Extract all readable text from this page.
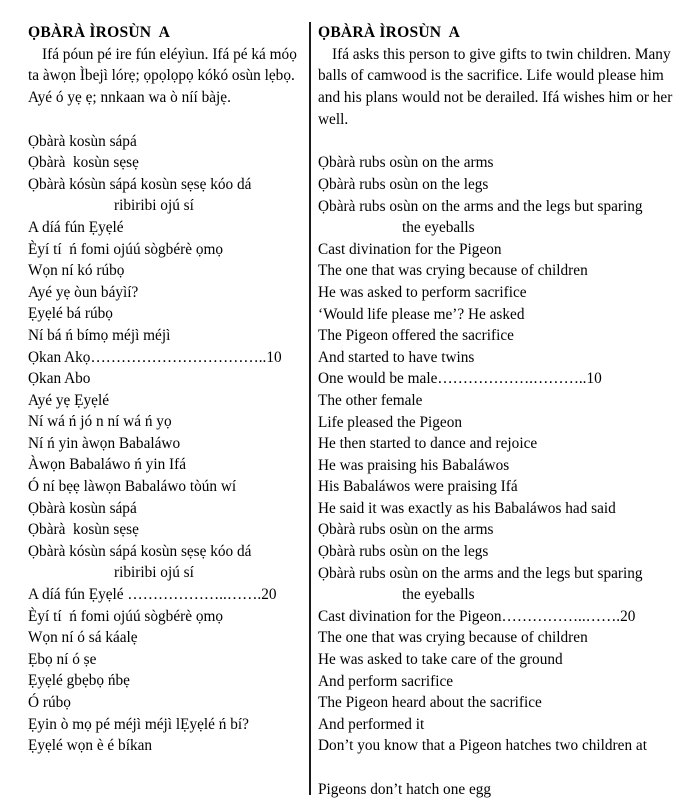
ỌBÀRÀ ÌROSÙN  A

Ifá póun pé ire fún eléyìun. Ifá pé ká móọ ta àwọn Ìbejì lórẹ; ọpọlọpọ kókó osùn lẹbọ. Ayé ó yẹ ẹ; nnkaan wa ò níí bàjẹ.

Ọbàrà kosùn sápá
Ọbàrà  kosùn sẹsẹ
Ọbàrà kósùn sápá kosùn sẹsẹ kóo dá
ribiribi ojú sí
A díá fún Ẹyẹlé
Èyí tí  ń fomi ojúú sògbérè ọmọ
Wọn ní kó rúbọ
Ayé yẹ òun báyìí?
Ẹyẹlé bá rúbọ
Ní bá ń bímọ méjì méjì
Ọkan Akọ……………………………..10
Ọkan Abo
Ayé yẹ Ẹyẹlé
Ní wá ń jó n ní wá ń yọ
Ní ń yin àwọn Babaláwo
Àwọn Babaláwo ń yin Ifá
Ó ní bẹẹ làwọn Babaláwo tòún wí
Ọbàrà kosùn sápá
Ọbàrà  kosùn sẹsẹ
Ọbàrà kósùn sápá kosùn sẹsẹ kóo dá
ribiribi ojú sí
A díá fún Ẹyẹlé ………………..…….20
Èyí tí  ń fomi ojúú sògbérè ọmọ
Wọn ní ó sá káalẹ
Ẹbọ ní ó ṣe
Ẹyẹlé gbẹbọ ńbẹ
Ó rúbọ
Ẹyin ò mọ pé méjì méjì lẸyẹlé ń bí?
Ẹyẹlé wọn è é bíkan
ỌBÀRÀ ÌROSÙN  A

Ifá asks this person to give gifts to twin children. Many balls of camwood is the sacrifice. Life would please him and his plans would not be derailed. Ifá wishes him or her well.

Ọbàrà rubs osùn on the arms
Ọbàrà rubs osùn on the legs
Ọbàrà rubs osùn on the arms and the legs but sparing
the eyeballs
Cast divination for the Pigeon
The one that was crying because of children
He was asked to perform sacrifice
‘Would life please me’? He asked
The Pigeon offered the sacrifice
And started to have twins
One would be male……………….………..10
The other female
Life pleased the Pigeon
He then started to dance and rejoice
He was praising his Babaláwos
His Babaláwos were praising Ifá
He said it was exactly as his Babaláwos had said
Ọbàrà rubs osùn on the arms
Ọbàrà rubs osùn on the legs
Ọbàrà rubs osùn on the arms and the legs but sparing
the eyeballs
Cast divination for the Pigeon……………..…….20
The one that was crying because of children
He was asked to take care of the ground
And perform sacrifice
The Pigeon heard about the sacrifice
And performed it
Don’t you know that a Pigeon hatches two children at
Pigeons don’t hatch one egg
